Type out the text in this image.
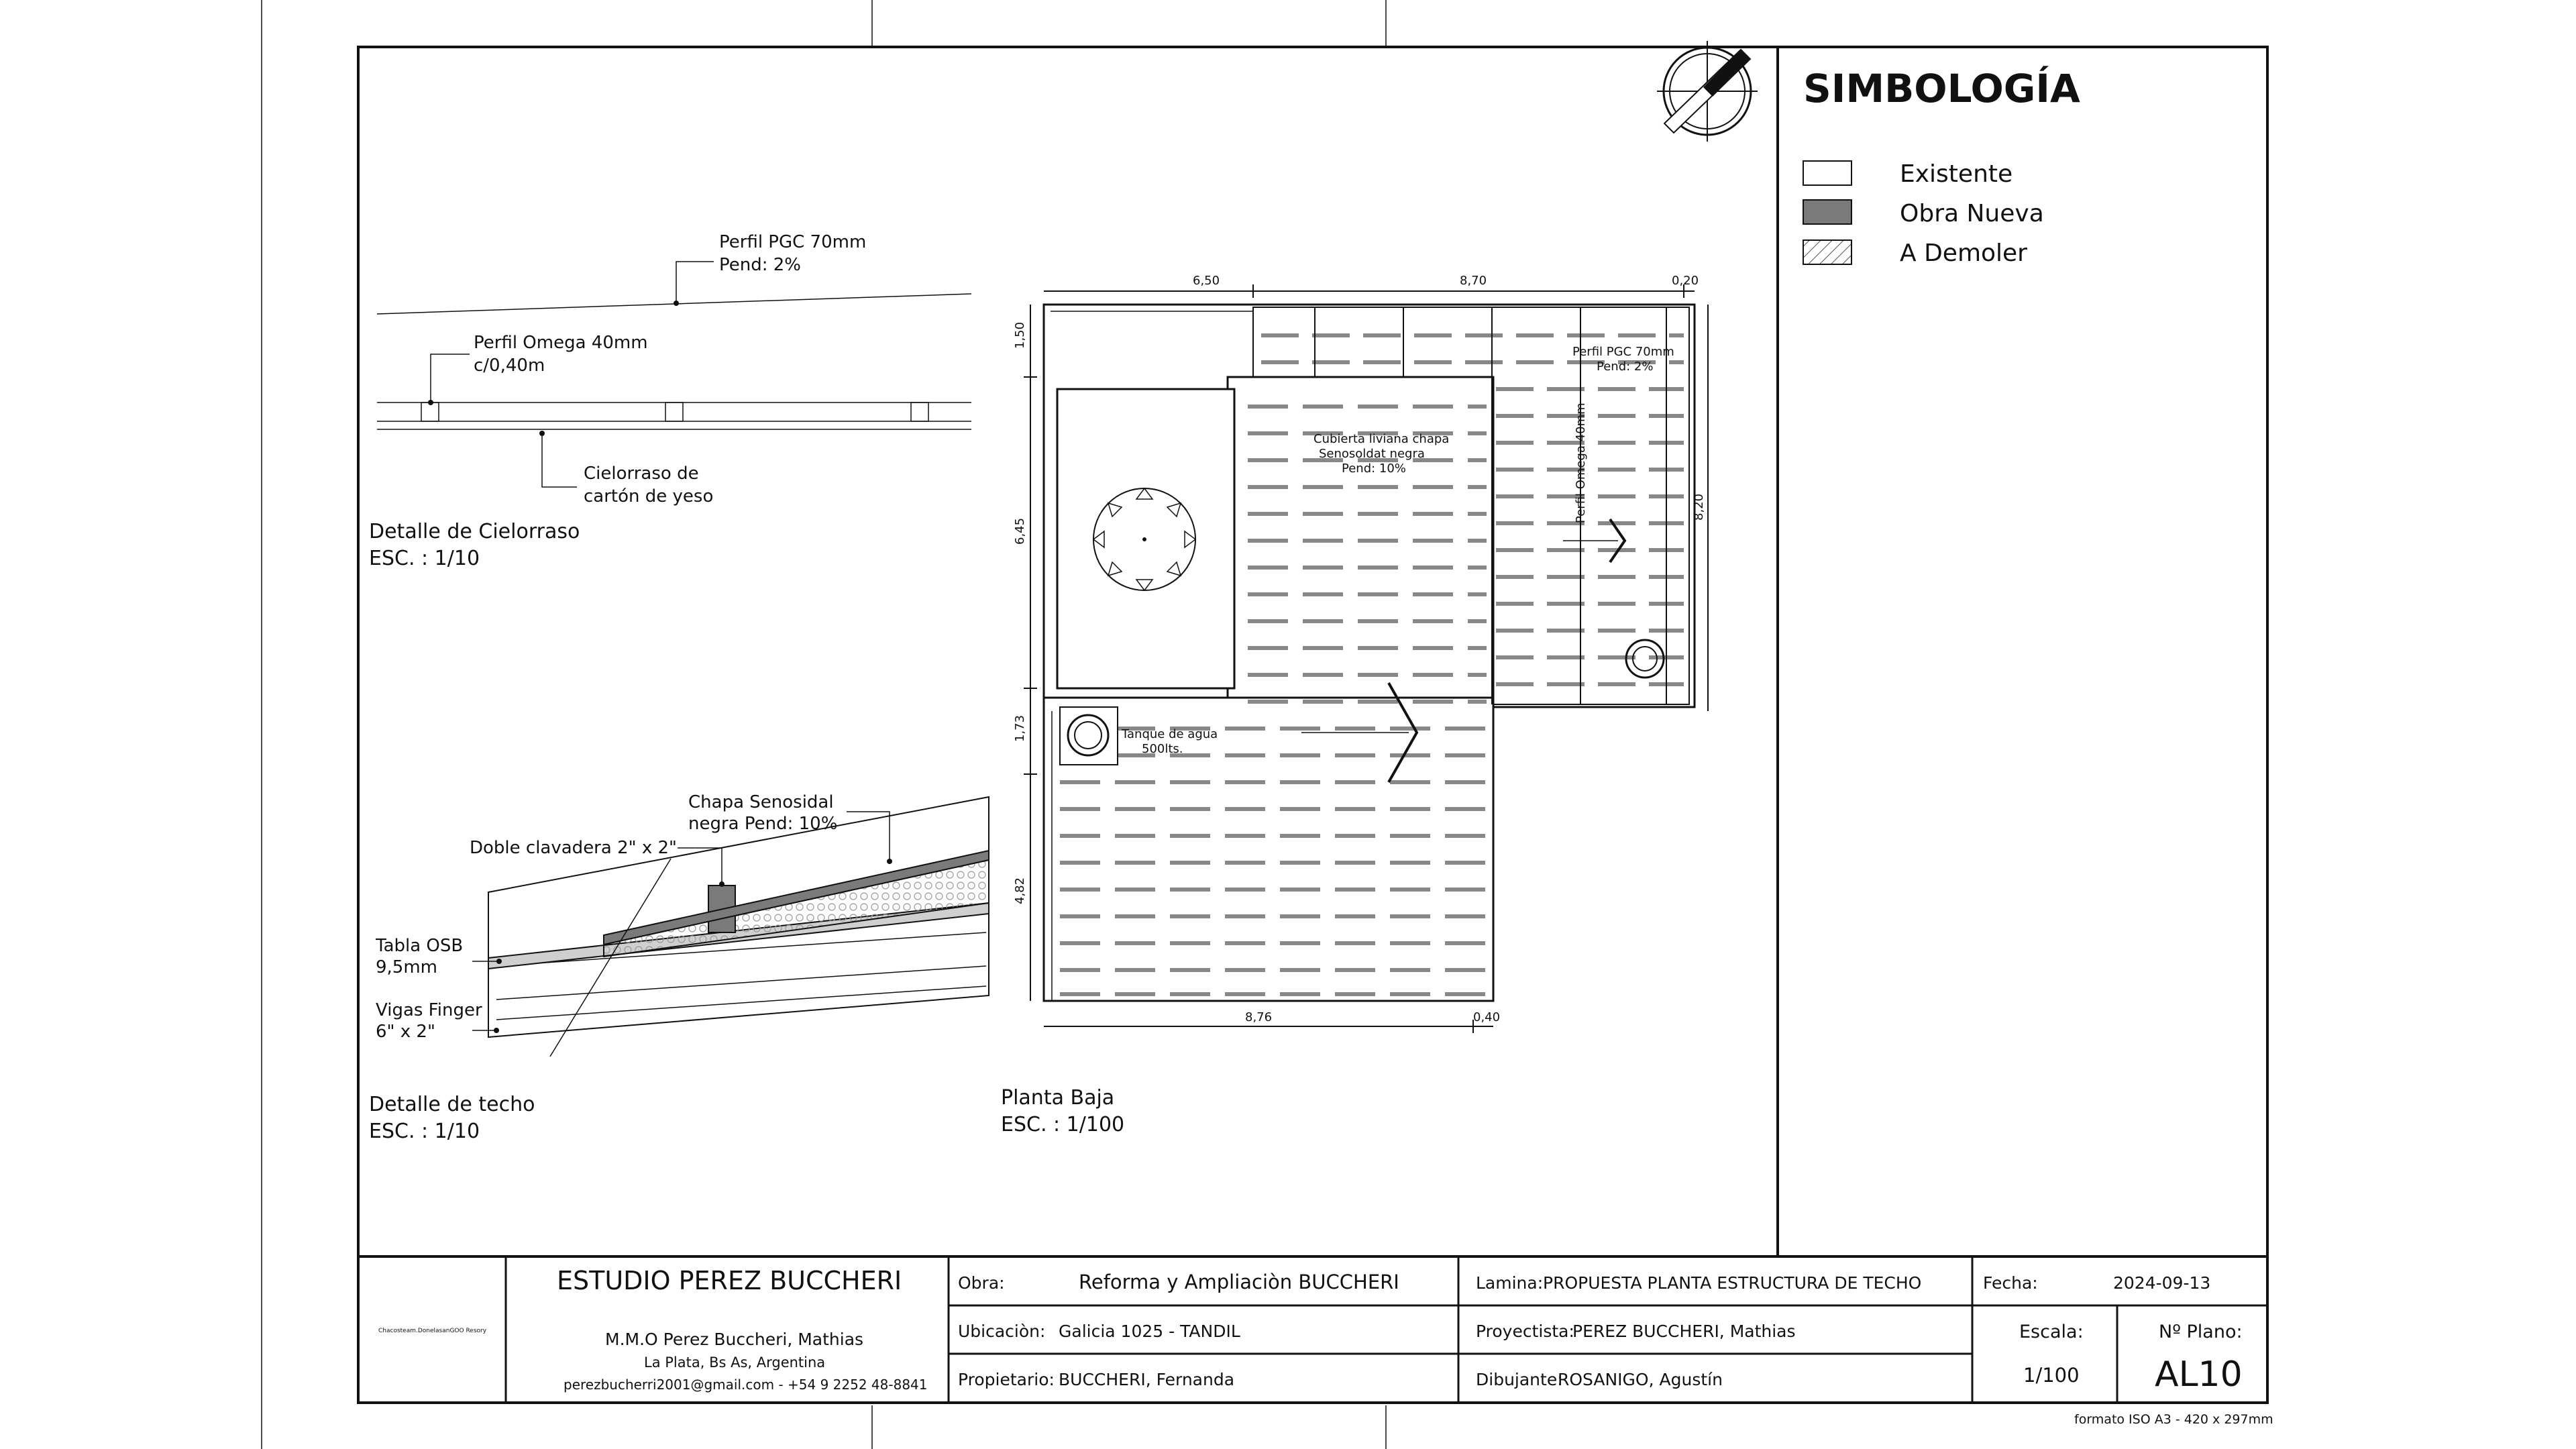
SIMBOLOGÍA
Existente
Obra Nueva
A Demoler
Perfil PGC 70mm
Pend: 2%
Perfil Omega 40mm
c/0,40m
Cielorraso de
cartón de yeso
Detalle de Cielorraso
ESC. : 1/10
Chapa Senosidal
negra Pend: 10%
Doble clavadera 2" x 2"
Tabla OSB
9,5mm
Vigas Finger
6" x 2"
Detalle de techo
ESC. : 1/10
6,50	8,70	0,20
1,50
6,45
1,73
4,82
8,20
8,76	0,40
Perfil PGC 70mm
Pend: 2%
Perfil Omega 40mm
Cubierta liviana chapa
Senosoldat negra
Pend: 10%
Tanque de agua
500lts.
Planta Baja
ESC. : 1/100
Chacosteam.DonelasanGOO Resory
ESTUDIO PEREZ BUCCHERI
M.M.O Perez Buccheri, Mathias
La Plata, Bs As, Argentina
perezbucherri2001@gmail.com - +54 9 2252 48-8841
Obra:	Reforma y Ampliaciòn BUCCHERI
Ubicaciòn: Galicia 1025 - TANDIL
Propietario: BUCCHERI, Fernanda
Lamina: PROPUESTA PLANTA ESTRUCTURA DE TECHO
Proyectista:
PEREZ BUCCHERI, Mathias
Dibujante:
ROSANIGO, Agustín
Fecha:	2024-09-13
Escala:
1/100
Nº Plano:
AL10
formato ISO A3 - 420 x 297mm
